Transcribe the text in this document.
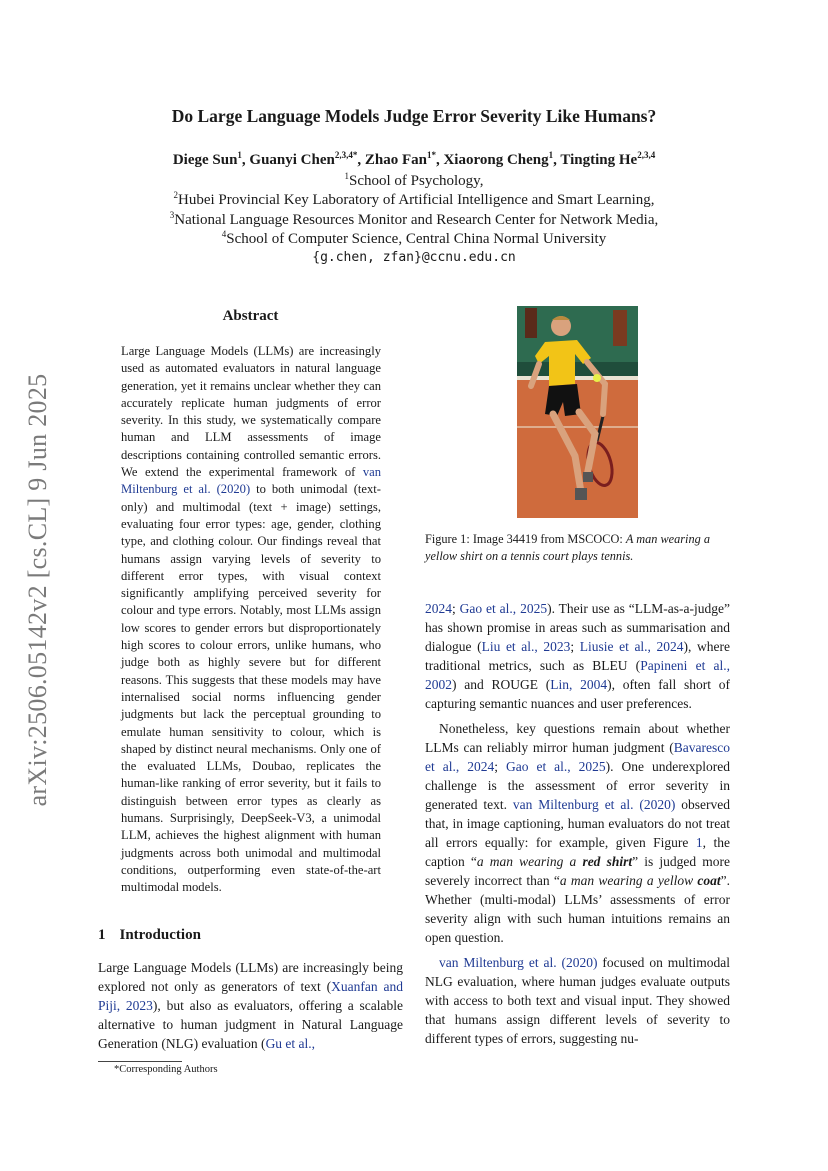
arXiv:2506.05142v2 [cs.CL] 9 Jun 2025
Do Large Language Models Judge Error Severity Like Humans?
Diege Sun$^1$, Guanyi Chen$^{2,3,4*}$, Zhao Fan$^{1*}$, Xiaorong Cheng$^1$, Tingting He$^{2,3,4}$
$^1$School of Psychology,
$^2$Hubei Provincial Key Laboratory of Artificial Intelligence and Smart Learning,
$^3$National Language Resources Monitor and Research Center for Network Media,
$^4$School of Computer Science, Central China Normal University
{g.chen, zfan}@ccnu.edu.cn
Abstract
Large Language Models (LLMs) are increasingly used as automated evaluators in natural language generation, yet it remains unclear whether they can accurately replicate human judgments of error severity. In this study, we systematically compare human and LLM assessments of image descriptions containing controlled semantic errors. We extend the experimental framework of van Miltenburg et al. (2020) to both unimodal (text-only) and multimodal (text + image) settings, evaluating four error types: age, gender, clothing type, and clothing colour. Our findings reveal that humans assign varying levels of severity to different error types, with visual context significantly amplifying perceived severity for colour and type errors. Notably, most LLMs assign low scores to gender errors but disproportionately high scores to colour errors, unlike humans, who judge both as highly severe but for different reasons. This suggests that these models may have internalised social norms influencing gender judgments but lack the perceptual grounding to emulate human sensitivity to colour, which is shaped by distinct neural mechanisms. Only one of the evaluated LLMs, Doubao, replicates the human-like ranking of error severity, but it fails to distinguish between error types as clearly as humans. Surprisingly, DeepSeek-V3, a unimodal LLM, achieves the highest alignment with human judgments across both unimodal and multimodal conditions, outperforming even state-of-the-art multimodal models.
1 Introduction
Large Language Models (LLMs) are increasingly being explored not only as generators of text (Xuanfan and Piji, 2023), but also as evaluators, offering a scalable alternative to human judgment in Natural Language Generation (NLG) evaluation (Gu et al.,
*Corresponding Authors
Figure 1: Image 34419 from MSCOCO: A man wearing a yellow shirt on a tennis court plays tennis.

2024; Gao et al., 2025). Their use as “LLM-as-a-judge” has shown promise in areas such as summarisation and dialogue (Liu et al., 2023; Liusie et al., 2024), where traditional metrics, such as BLEU (Papineni et al., 2002) and ROUGE (Lin, 2004), often fall short of capturing semantic nuances and user preferences.

Nonetheless, key questions remain about whether LLMs can reliably mirror human judgment (Bavaresco et al., 2024; Gao et al., 2025). One underexplored challenge is the assessment of error severity in generated text. van Miltenburg et al. (2020) observed that, in image captioning, human evaluators do not treat all errors equally: for example, given Figure 1, the caption “a man wearing a red shirt” is judged more severely incorrect than “a man wearing a yellow coat”. Whether (multi-modal) LLMs’ assessments of error severity align with such human intuitions remains an open question.

van Miltenburg et al. (2020) focused on multimodal NLG evaluation, where human judges evaluate outputs with access to both text and visual input. They showed that humans assign different levels of severity to different types of errors, suggesting nu-
